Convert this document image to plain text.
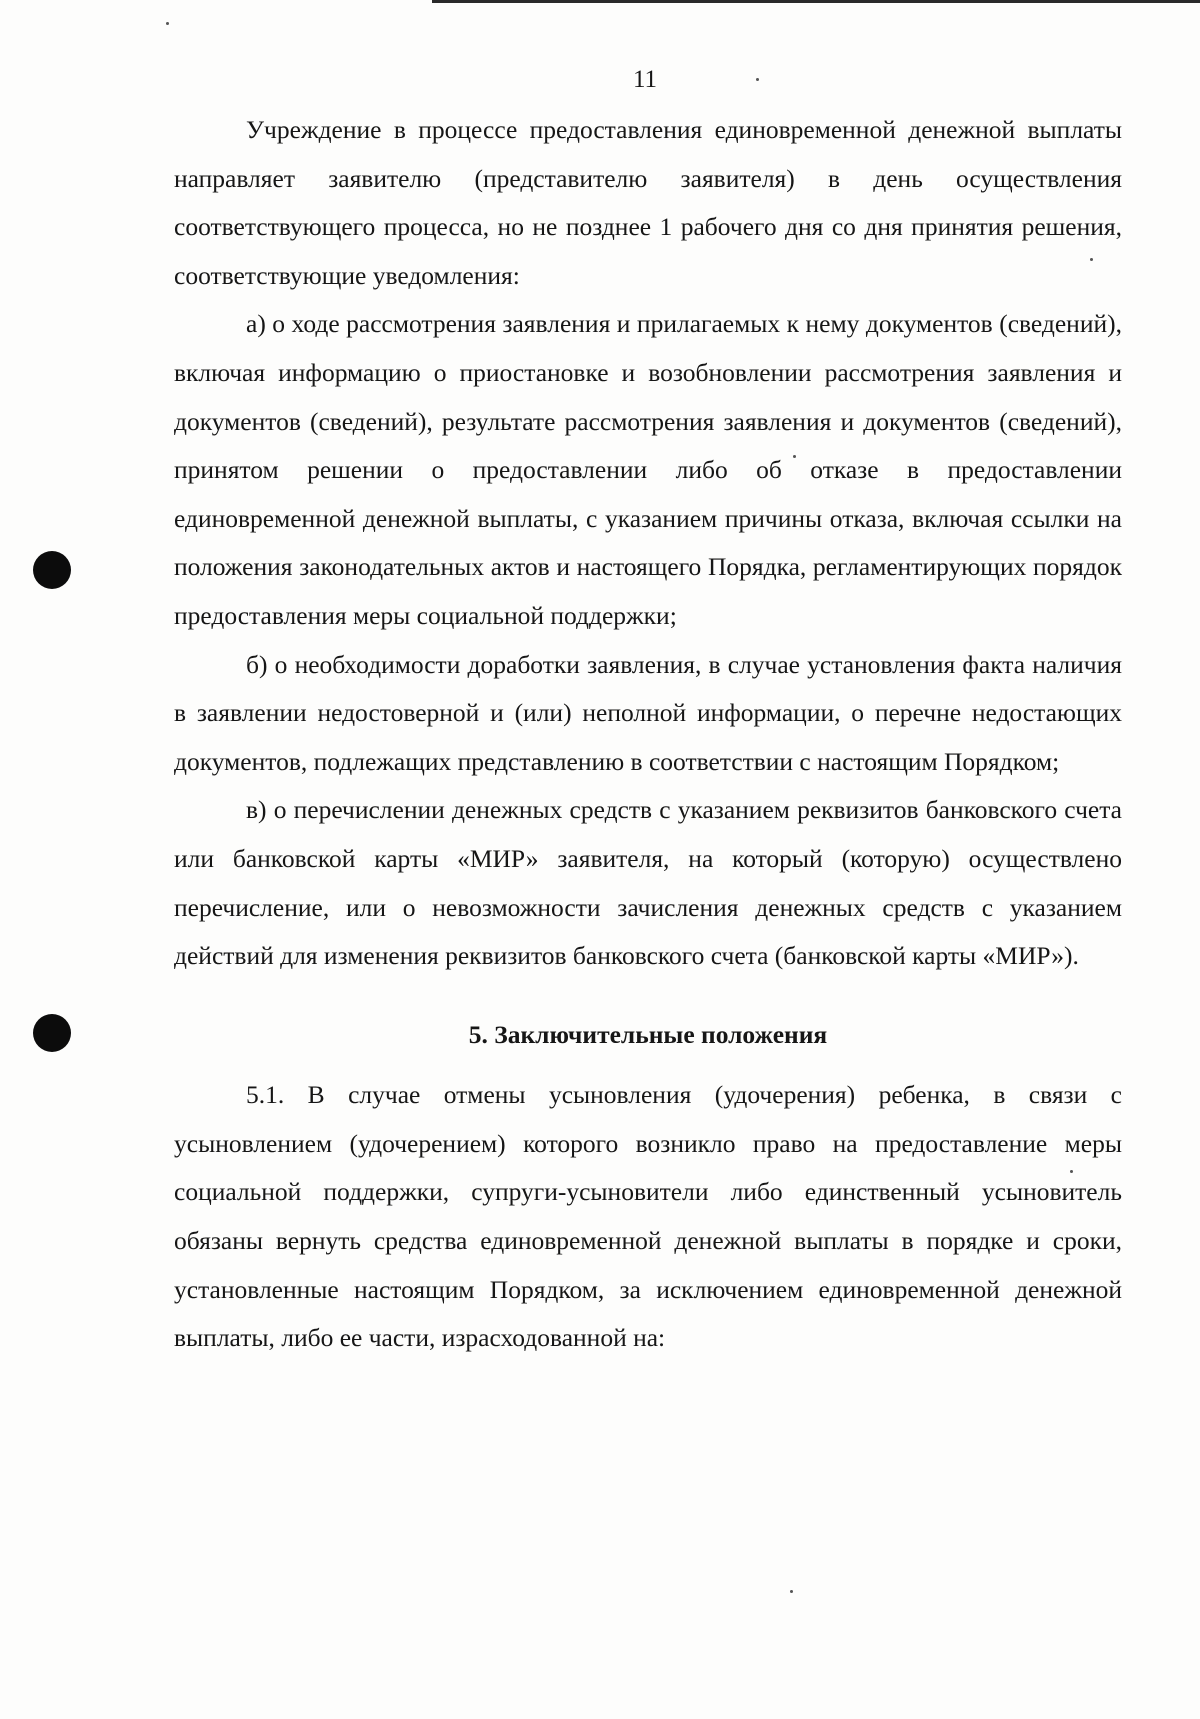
11

Учреждение в процессе предоставления единовременной денежной выплаты направляет заявителю (представителю заявителя) в день осуществления соответствующего процесса, но не позднее 1 рабочего дня со дня принятия решения, соответствующие уведомления:

а) о ходе рассмотрения заявления и прилагаемых к нему документов (сведений), включая информацию о приостановке и возобновлении рассмотрения заявления и документов (сведений), результате рассмотрения заявления и документов (сведений), принятом решении о предоставлении либо об отказе в предоставлении единовременной денежной выплаты, с указанием причины отказа, включая ссылки на положения законодательных актов и настоящего Порядка, регламентирующих порядок предоставления меры социальной поддержки;

б) о необходимости доработки заявления, в случае установления факта наличия в заявлении недостоверной и (или) неполной информации, о перечне недостающих документов, подлежащих представлению в соответствии с настоящим Порядком;

в) о перечислении денежных средств с указанием реквизитов банковского счета или банковской карты «МИР» заявителя, на который (которую) осуществлено перечисление, или о невозможности зачисления денежных средств с указанием действий для изменения реквизитов банковского счета (банковской карты «МИР»).

5. Заключительные положения

5.1. В случае отмены усыновления (удочерения) ребенка, в связи с усыновлением (удочерением) которого возникло право на предоставление меры социальной поддержки, супруги-усыновители либо единственный усыновитель обязаны вернуть средства единовременной денежной выплаты в порядке и сроки, установленные настоящим Порядком, за исключением единовременной денежной выплаты, либо ее части, израсходованной на:
